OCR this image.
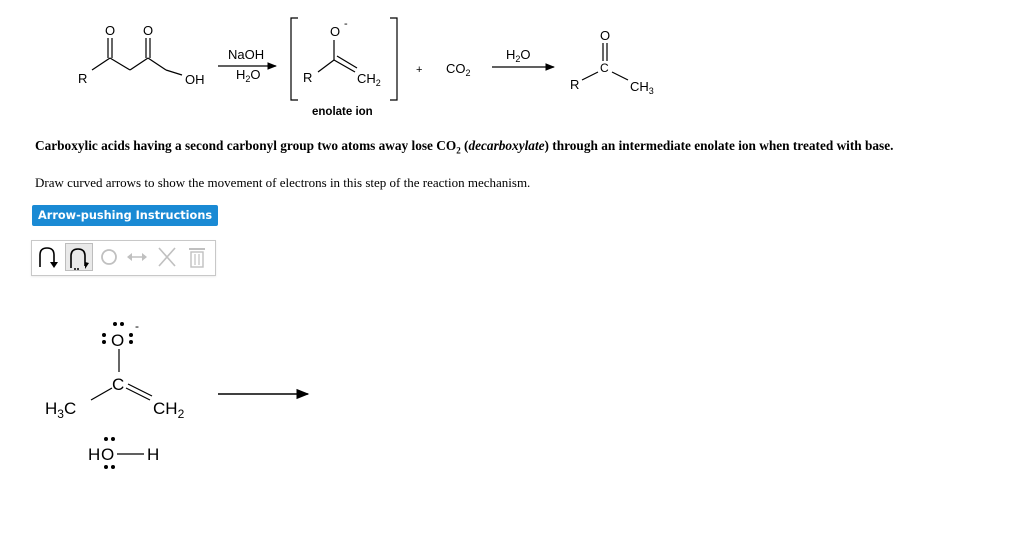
R
O O
OH
NaOH
$H_2O$
O -
R	$CH_2$
enolate ion
+ $CO_2$
$H_2O$
O
C
R	$CH_3$
Carboxylic acids having a second carbonyl group two atoms away lose $CO_2$ (decarboxylate) through an intermediate enolate ion when treated with base.
Draw curved arrows to show the movement of electrons in this step of the reaction mechanism.
Arrow-pushing Instructions
O
-
C
$H_3C$	$CH_2$
H O H
